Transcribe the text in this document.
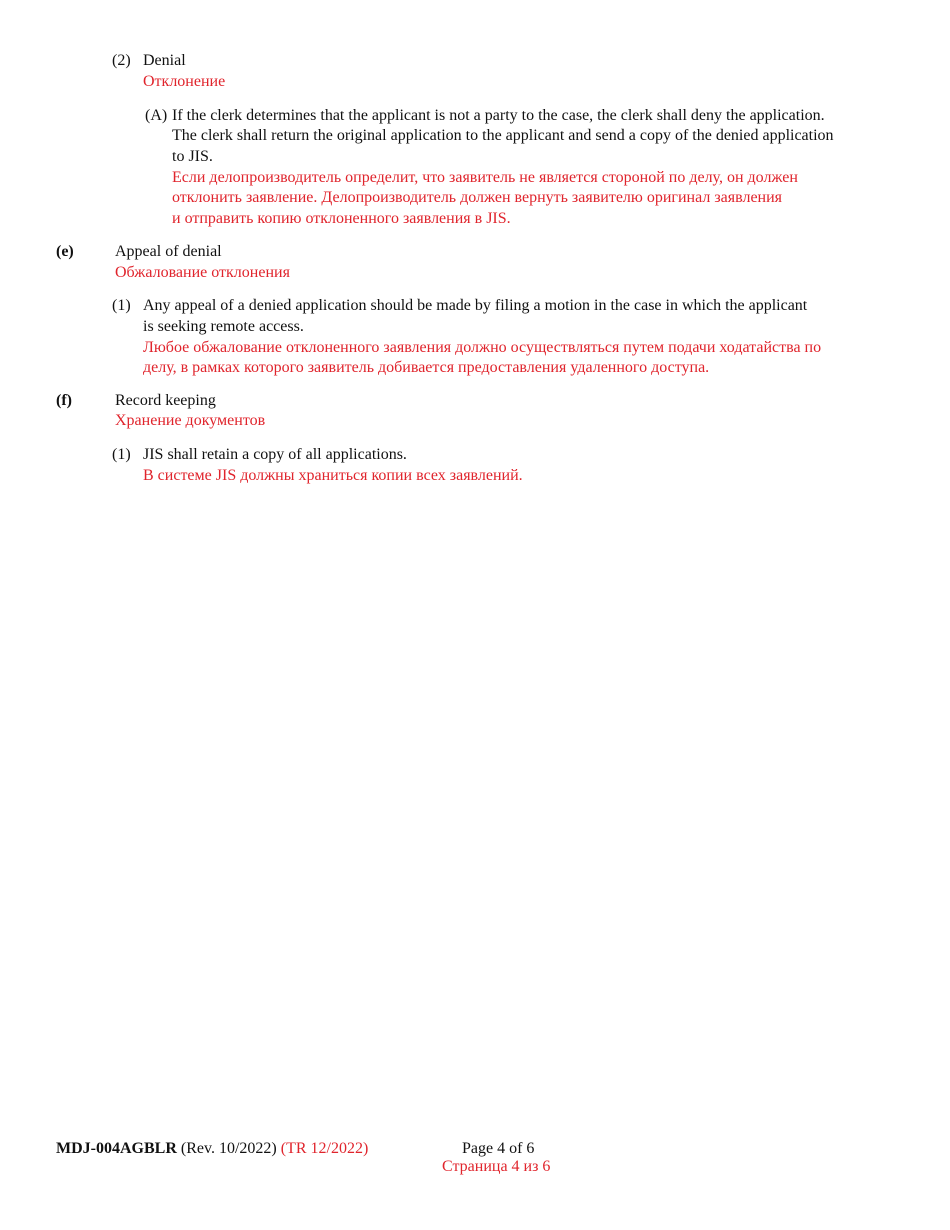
(2) Denial
Отклонение
(A) If the clerk determines that the applicant is not a party to the case, the clerk shall deny the application.
The clerk shall return the original application to the applicant and send a copy of the denied application
to JIS.
Если делопроизводитель определит, что заявитель не является стороной по делу, он должен
отклонить заявление. Делопроизводитель должен вернуть заявителю оригинал заявления
и отправить копию отклоненного заявления в JIS.
(e)	Appeal of denial
Обжалование отклонения
(1) Any appeal of a denied application should be made by filing a motion in the case in which the applicant
is seeking remote access.
Любое обжалование отклоненного заявления должно осуществляться путем подачи ходатайства по
делу, в рамках которого заявитель добивается предоставления удаленного доступа.
(f)	Record keeping
Хранение документов
(1) JIS shall retain a copy of all applications.
В системе JIS должны храниться копии всех заявлений.
MDJ-004AGBLR (Rev. 10/2022) (TR 12/2022)	Page 4 of 6
Страница 4 из 6
